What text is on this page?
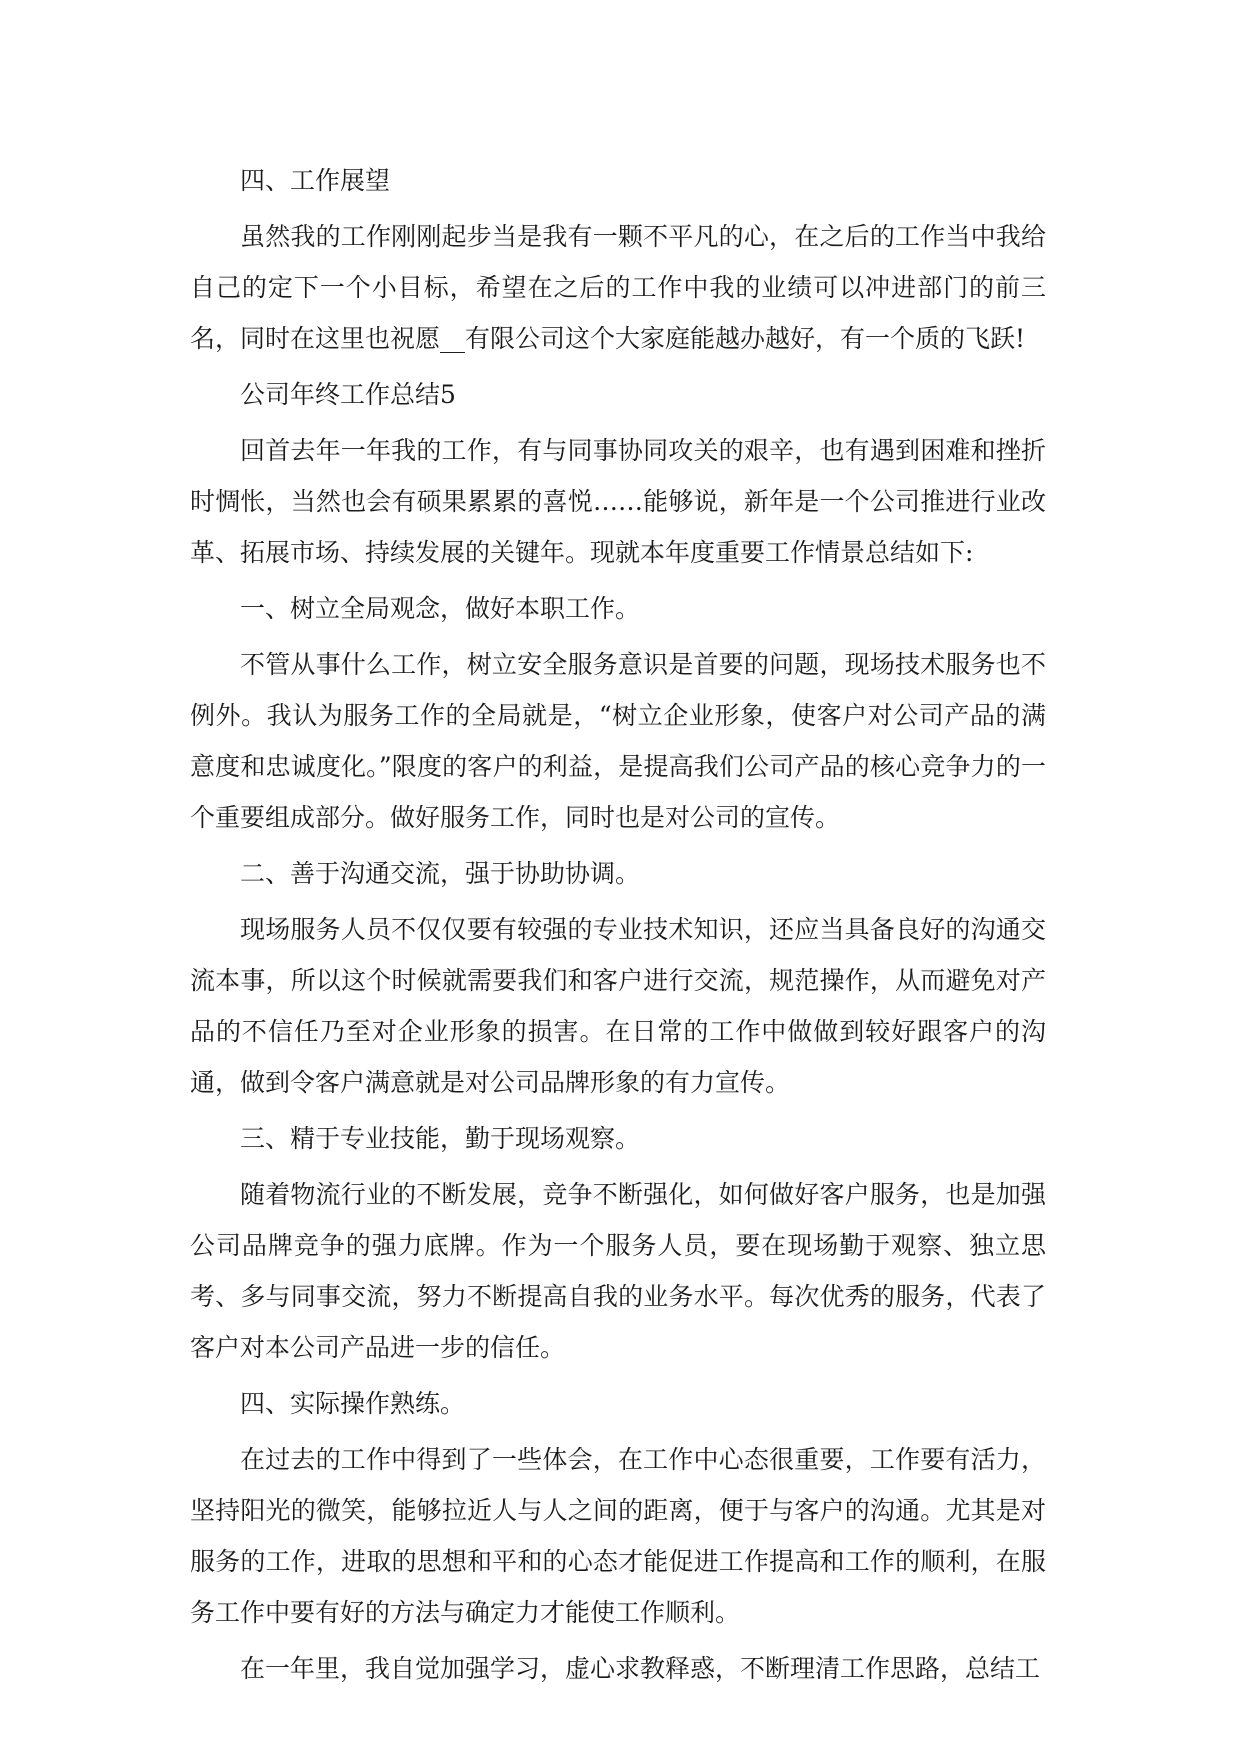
四、工作展望

虽然我的工作刚刚起步当是我有一颗不平凡的心，在之后的工作当中我给自己的定下一个小目标，希望在之后的工作中我的业绩可以冲进部门的前三名，同时在这里也祝愿__有限公司这个大家庭能越办越好，有一个质的飞跃!

公司年终工作总结5

回首去年一年我的工作，有与同事协同攻关的艰辛，也有遇到困难和挫折时惆怅，当然也会有硕果累累的喜悦……能够说，新年是一个公司推进行业改革、拓展市场、持续发展的关键年。现就本年度重要工作情景总结如下:

一、树立全局观念，做好本职工作。

不管从事什么工作，树立安全服务意识是首要的问题，现场技术服务也不例外。我认为服务工作的全局就是，“树立企业形象，使客户对公司产品的满意度和忠诚度化。”限度的客户的利益，是提高我们公司产品的核心竞争力的一个重要组成部分。做好服务工作，同时也是对公司的宣传。

二、善于沟通交流，强于协助协调。

现场服务人员不仅仅要有较强的专业技术知识，还应当具备良好的沟通交流本事，所以这个时候就需要我们和客户进行交流，规范操作，从而避免对产品的不信任乃至对企业形象的损害。在日常的工作中做做到较好跟客户的沟通，做到令客户满意就是对公司品牌形象的有力宣传。

三、精于专业技能，勤于现场观察。

随着物流行业的不断发展，竞争不断强化，如何做好客户服务，也是加强公司品牌竞争的强力底牌。作为一个服务人员，要在现场勤于观察、独立思考、多与同事交流，努力不断提高自我的业务水平。每次优秀的服务，代表了客户对本公司产品进一步的信任。

四、实际操作熟练。

在过去的工作中得到了一些体会，在工作中心态很重要，工作要有活力，坚持阳光的微笑，能够拉近人与人之间的距离，便于与客户的沟通。尤其是对服务的工作，进取的思想和平和的心态才能促进工作提高和工作的顺利，在服务工作中要有好的方法与确定力才能使工作顺利。

在一年里，我自觉加强学习，虚心求教释惑，不断理清工作思路，总结工
